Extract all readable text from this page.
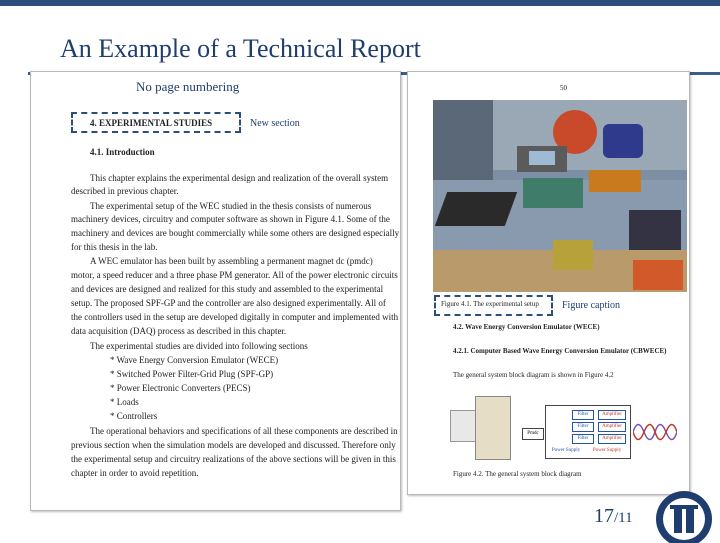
An Example of a Technical Report
No page numbering
4. EXPERIMENTAL STUDIES	New section
4.1. Introduction
This chapter explains the experimental design and realization of the overall system
described in previous chapter.
The experimental setup of the WEC studied in the thesis consists of numerous
machinery devices, circuitry and computer software as shown in Figure 4.1. Some of the
machinery and devices are bought commercially while some others are designed especially
for this thesis in the lab.
A WEC emulator has been built by assembling a permanent magnet dc (pmdc)
motor, a speed reducer and a three phase PM generator. All of the power electronic circuits
and devices are designed and realized for this study and assembled to the experimental
setup. The proposed SPF-GP and the controller are also designed experimentally. All of
the controllers used in the setup are developed digitally in computer and implemented with
data acquisition (DAQ) process as described in this chapter.
The experimental studies are divided into following sections
* Wave Energy Conversion Emulator (WECE)
* Switched Power Filter-Grid Plug (SPF-GP)
* Power Electronic Converters (PECS)
* Loads
* Controllers
The operational behaviors and specifications of all these components are described in
previous section when the simulation models are developed and discussed. Therefore only
the experimental setup and circuitry realizations of the above sections will be given in this
chapter in order to avoid repetition.
50
Figure 4.1. The experimental setup Figure caption
4.2. Wave Energy Conversion Emulator (WECE)
4.2.1. Computer Based Wave Energy Conversion Emulator (CBWECE)
The general system block diagram is shown in Figure 4.2
Pmdc
Filter	Amplifier
Filter	Amplifier
Filter	Amplifier
Power Supply	Power Supply
Figure 4.2. The general system block diagram
17/11
